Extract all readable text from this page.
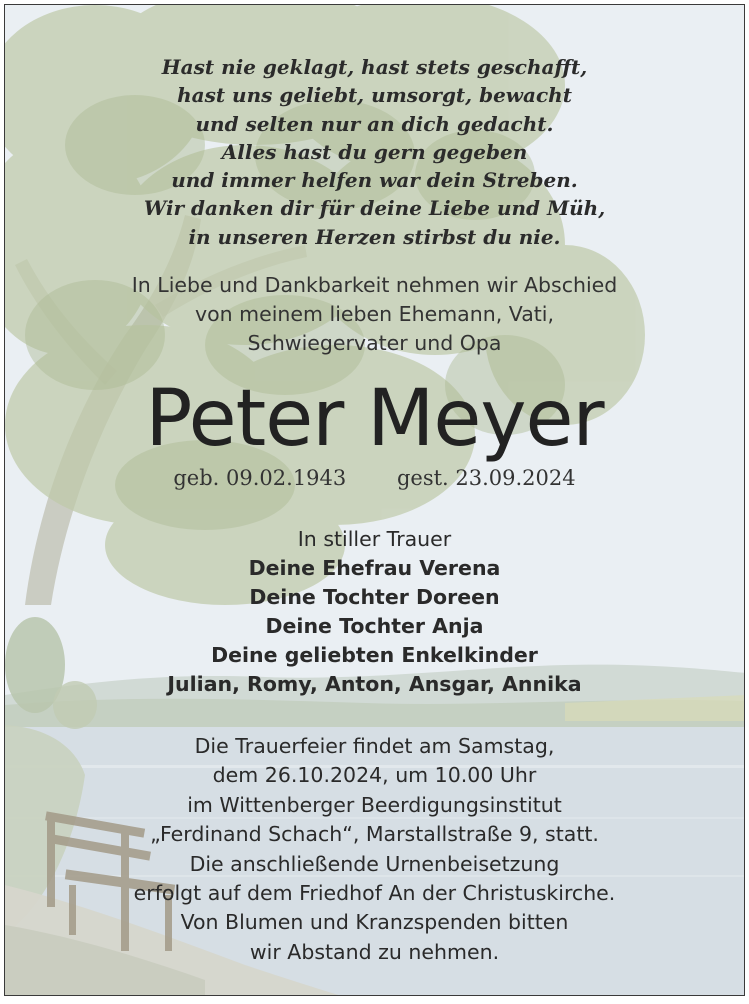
Hast nie geklagt, hast stets geschafft,
hast uns geliebt, umsorgt, bewacht
und selten nur an dich gedacht.
Alles hast du gern gegeben
und immer helfen war dein Streben.
Wir danken dir für deine Liebe und Müh,
in unseren Herzen stirbst du nie.
In Liebe und Dankbarkeit nehmen wir Abschied
von meinem lieben Ehemann, Vati,
Schwiegervater und Opa
Peter Meyer
geb. 09.02.1943 gest. 23.09.2024
In stiller Trauer
Deine Ehefrau Verena
Deine Tochter Doreen
Deine Tochter Anja
Deine geliebten Enkelkinder
Julian, Romy, Anton, Ansgar, Annika
Die Trauerfeier findet am Samstag,
dem 26.10.2024, um 10.00 Uhr
im Wittenberger Beerdigungsinstitut
„Ferdinand Schach“, Marstallstraße 9, statt.
Die anschließende Urnenbeisetzung
erfolgt auf dem Friedhof An der Christuskirche.
Von Blumen und Kranzspenden bitten
wir Abstand zu nehmen.
